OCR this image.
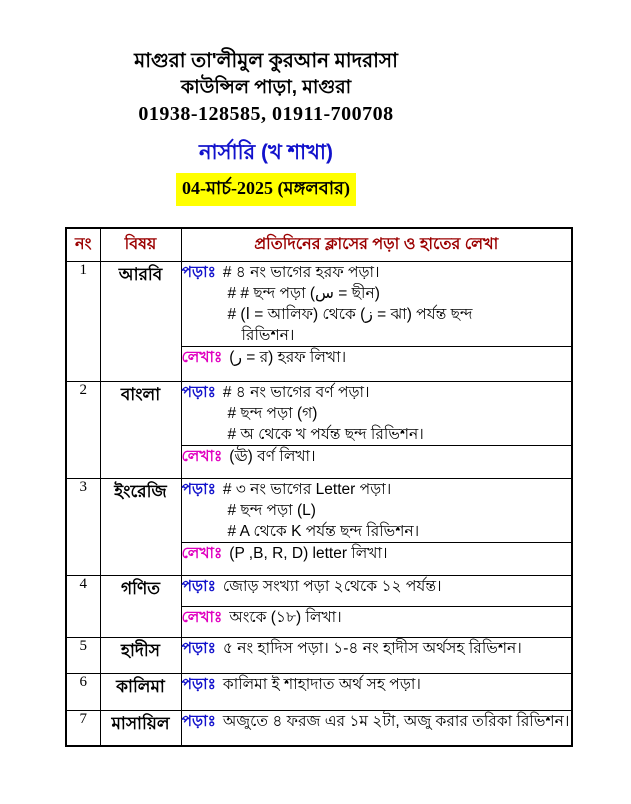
মাগুরা তা'লীমুল কুরআন মাদরাসা
কাউন্সিল পাড়া, মাগুরা
01938-128585, 01911-700708
নার্সারি (খ শাখা)
04-মার্চ-2025 (মঙ্গলবার)
নং	বিষয়	প্রতিদিনের ক্লাসের পড়া ও হাতের লেখা
1	আরবি	পড়াঃ # ৪ নং ভাগের হরফ পড়া।
# # ছন্দ পড়া (س = ছীন)
# (ا = আলিফ) থেকে (ز = ঝা) পর্যন্ত ছন্দ
রিভিশন।

		লেখাঃ (ر = র) হরফ লিখা।

2	বাংলা	পড়াঃ # ৪ নং ভাগের বর্ণ পড়া।
# ছন্দ পড়া (গ)
# অ থেকে খ পর্যন্ত ছন্দ রিভিশন।

		লেখাঃ (ঊ) বর্ণ লিখা।

3	ইংরেজি	পড়াঃ # ৩ নং ভাগের Letter পড়া।
# ছন্দ পড়া (L)
# A থেকে K পর্যন্ত ছন্দ রিভিশন।

		লেখাঃ (P ,B, R, D) letter লিখা।

4	গণিত	পড়াঃ জোড় সংখ্যা পড়া ২থেকে ১২ পর্যন্ত।

		লেখাঃ অংকে (১৮) লিখা।

5	হাদীস	পড়াঃ ৫ নং হাদিস পড়া। ১-৪ নং হাদীস অর্থসহ রিভিশন।

6	কালিমা	পড়াঃ কালিমা ই শাহাদাত অর্থ সহ পড়া।

7	মাসায়িল	পড়াঃ অজুতে ৪ ফরজ এর ১ম ২টা, অজু করার তরিকা রিভিশন।
